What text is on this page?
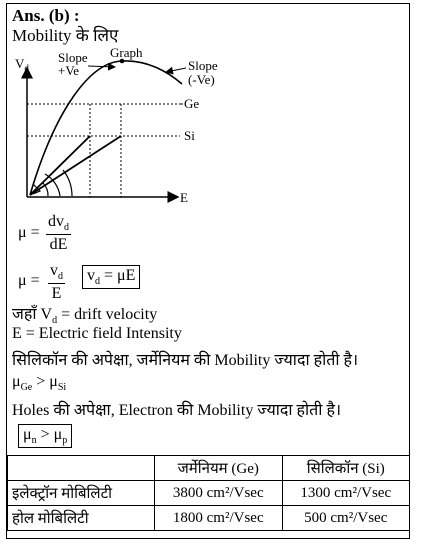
Ans. (b) :
Mobility के लिए
$V_d$
E
Graph
Slope
+Ve	Slope
(-Ve)
Ge
Si
μ =
$dv_d$
dE
$\mu = \frac{v_d}{E}$	$v_d = \mu E$
जहाँ $V_d$ = drift velocity
E = Electric field Intensity
सिलिकॉन की अपेक्षा, जर्मेनियम की Mobility ज्यादा होती है।
$\mu_{Ge} > \mu_{Si}$
Holes की अपेक्षा, Electron की Mobility ज्यादा होती है।
$\mu_n > \mu_p$
	जर्मेनियम (Ge)	सिलिकॉन (Si)
इलेक्ट्रॉन मोबिलिटी	3800 cm²/Vsec	1300 cm²/Vsec
होल मोबिलिटी	1800 cm²/Vsec	500 cm²/Vsec
